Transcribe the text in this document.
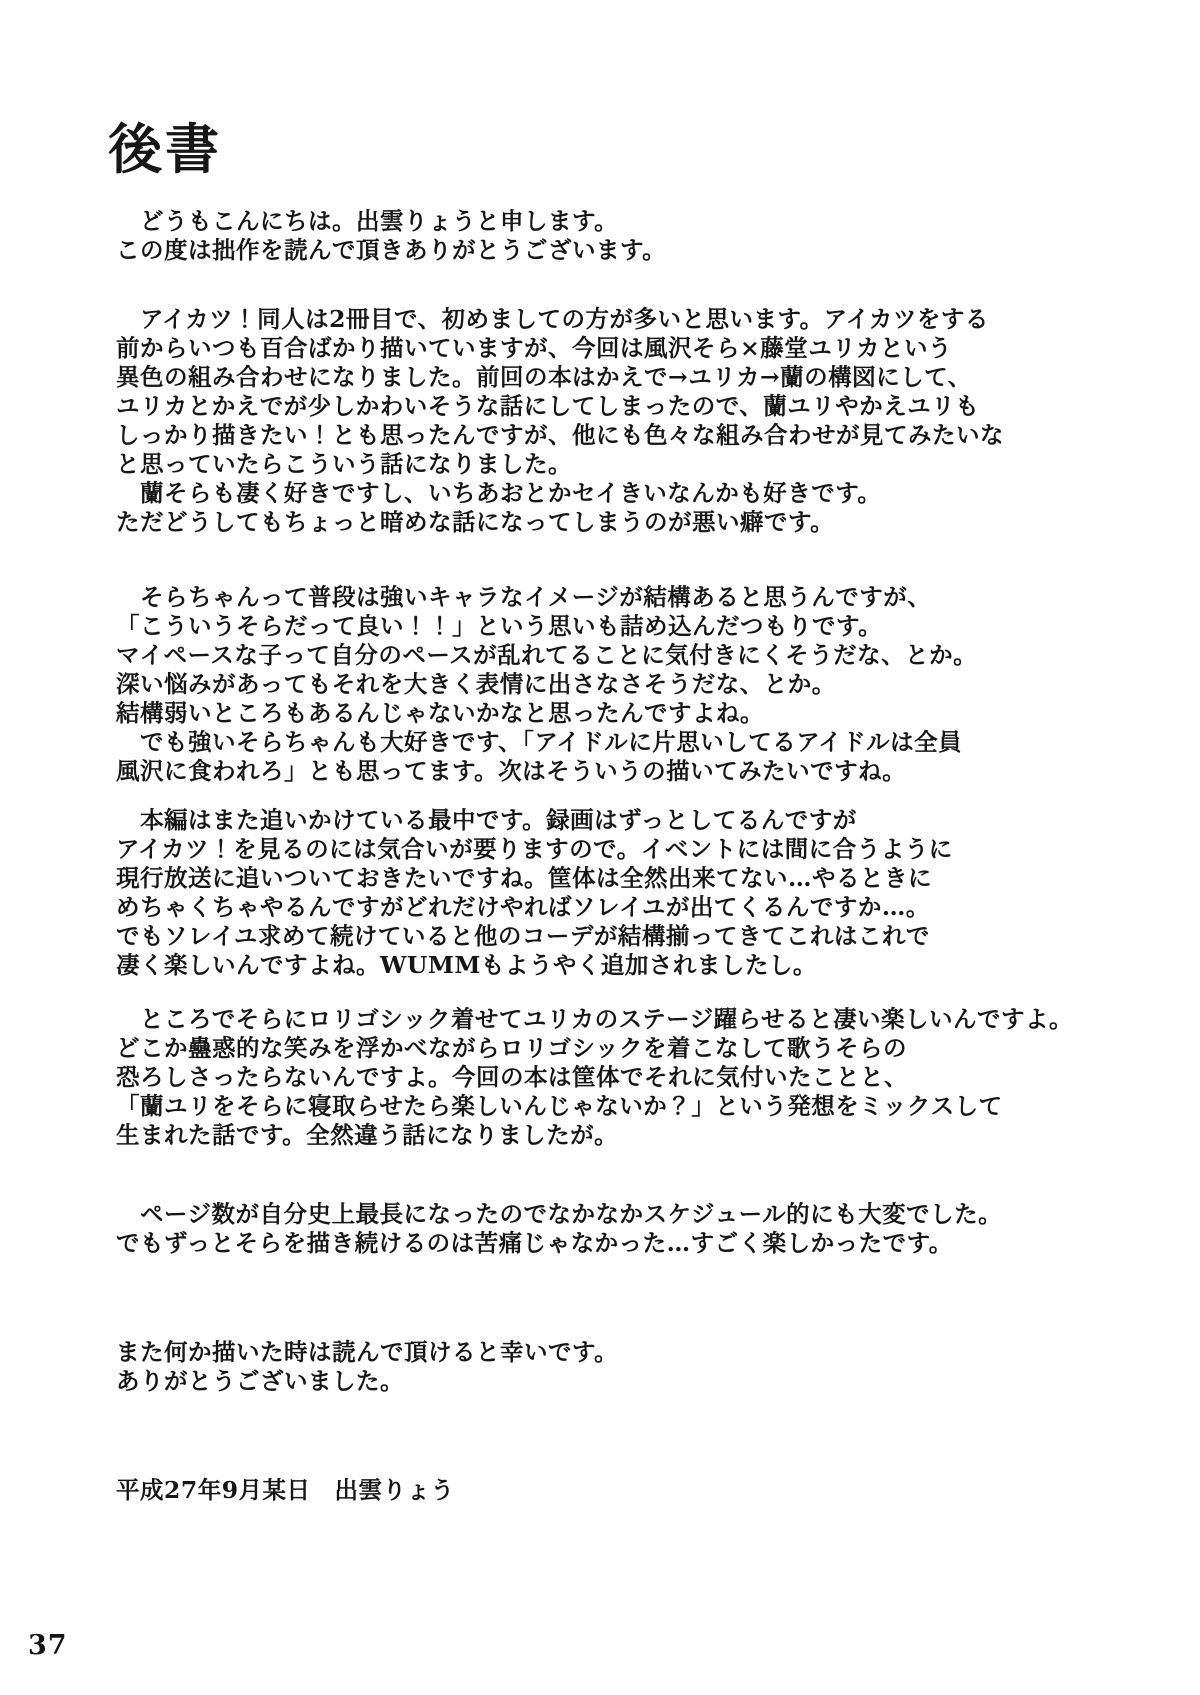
後書

　どうもこんにちは。出雲りょうと申します。
この度は拙作を読んで頂きありがとうございます。

　アイカツ！同人は2冊目で、初めましての方が多いと思います。アイカツをする
前からいつも百合ばかり描いていますが、今回は風沢そら×藤堂ユリカという
異色の組み合わせになりました。前回の本はかえで→ユリカ→蘭の構図にして、
ユリカとかえでが少しかわいそうな話にしてしまったので、蘭ユリやかえユリも
しっかり描きたい！とも思ったんですが、他にも色々な組み合わせが見てみたいな
と思っていたらこういう話になりました。
　蘭そらも凄く好きですし、いちあおとかセイきいなんかも好きです。
ただどうしてもちょっと暗めな話になってしまうのが悪い癖です。

　そらちゃんって普段は強いキャラなイメージが結構あると思うんですが、
「こういうそらだって良い！！」という思いも詰め込んだつもりです。
マイペースな子って自分のペースが乱れてることに気付きにくそうだな、とか。
深い悩みがあってもそれを大きく表情に出さなさそうだな、とか。
結構弱いところもあるんじゃないかなと思ったんですよね。
　でも強いそらちゃんも大好きです、「アイドルに片思いしてるアイドルは全員
風沢に食われろ」とも思ってます。次はそういうの描いてみたいですね。

　本編はまた追いかけている最中です。録画はずっとしてるんですが
アイカツ！を見るのには気合いが要りますので。イベントには間に合うように
現行放送に追いついておきたいですね。筐体は全然出来てない…やるときに
めちゃくちゃやるんですがどれだけやればソレイユが出てくるんですか…。
でもソレイユ求めて続けていると他のコーデが結構揃ってきてこれはこれで
凄く楽しいんですよね。WUMMもようやく追加されましたし。

　ところでそらにロリゴシック着せてユリカのステージ躍らせると凄い楽しいんですよ。
どこか蠱惑的な笑みを浮かべながらロリゴシックを着こなして歌うそらの
恐ろしさったらないんですよ。今回の本は筐体でそれに気付いたことと、
「蘭ユリをそらに寝取らせたら楽しいんじゃないか？」という発想をミックスして
生まれた話です。全然違う話になりましたが。

　ページ数が自分史上最長になったのでなかなかスケジュール的にも大変でした。
でもずっとそらを描き続けるのは苦痛じゃなかった…すごく楽しかったです。

また何か描いた時は読んで頂けると幸いです。
ありがとうございました。

平成27年9月某日　出雲りょう

37
